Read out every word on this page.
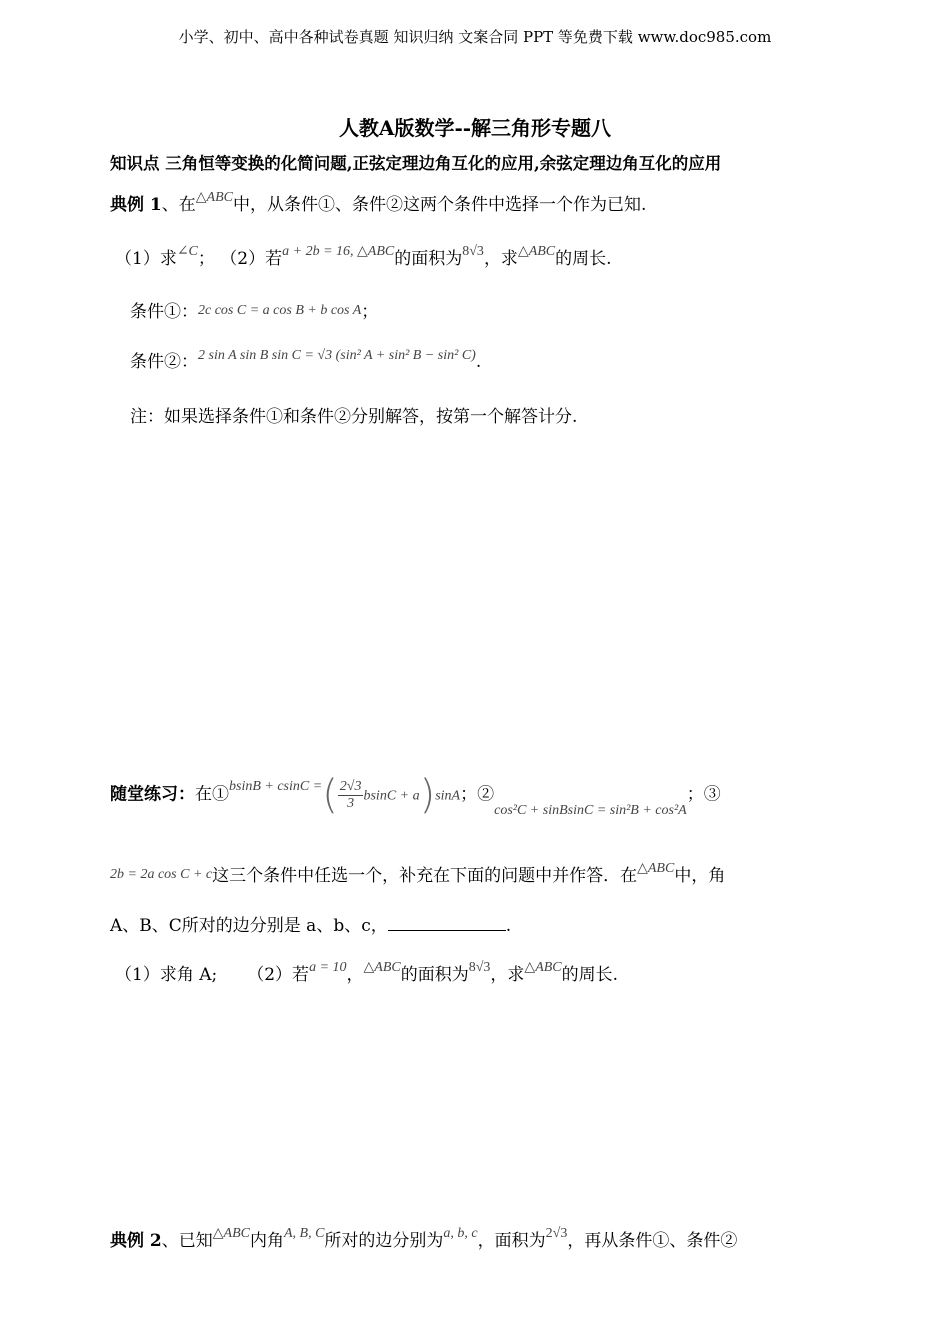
小学、初中、高中各种试卷真题 知识归纳 文案合同 PPT 等免费下载 www.doc985.com
人教A版数学--解三角形专题八
知识点 三角恒等变换的化简问题,正弦定理边角互化的应用,余弦定理边角互化的应用
典例 1、在$^{\triangle ABC}$中，从条件①、条件②这两个条件中选择一个作为已知.
（1）求$^{\angle C}$； （2）若$^{a + 2b = 16, \triangle ABC}$的面积为$^{8√3}$，求$^{\triangle ABC}$的周长.
条件①：2c cos C = a cos B + b cos A；
条件②：$^{2 sin A sin B sin C = √3 (sin^2 A + sin^2 B - sin^2 C)}$.
注：如果选择条件①和条件②分别解答，按第一个解答计分.
随堂练习：在①$^{bsinB + csinC =}$( $\frac{2√3}{3}$ bsinC + a)sinA；$②_{cos^2C + sinBsinC = sin^2B + cos^2A}$；③
2b = 2a cos C + c这三个条件中任选一个，补充在下面的问题中并作答．在$^{\triangle ABC}$中，角
A、B、C所对的边分别是 a、b、c，	.
（1）求角 A; （2）若$^{a = 10}$，$^{\triangle ABC}$的面积为$^{8√3}$，求$^{\triangle ABC}$的周长.
典例 2、已知$^{\triangle ABC}$内角$^{A, B, C}$所对的边分别为$^{a, b, c}$，面积为$^{2√3}$，再从条件①、条件②
